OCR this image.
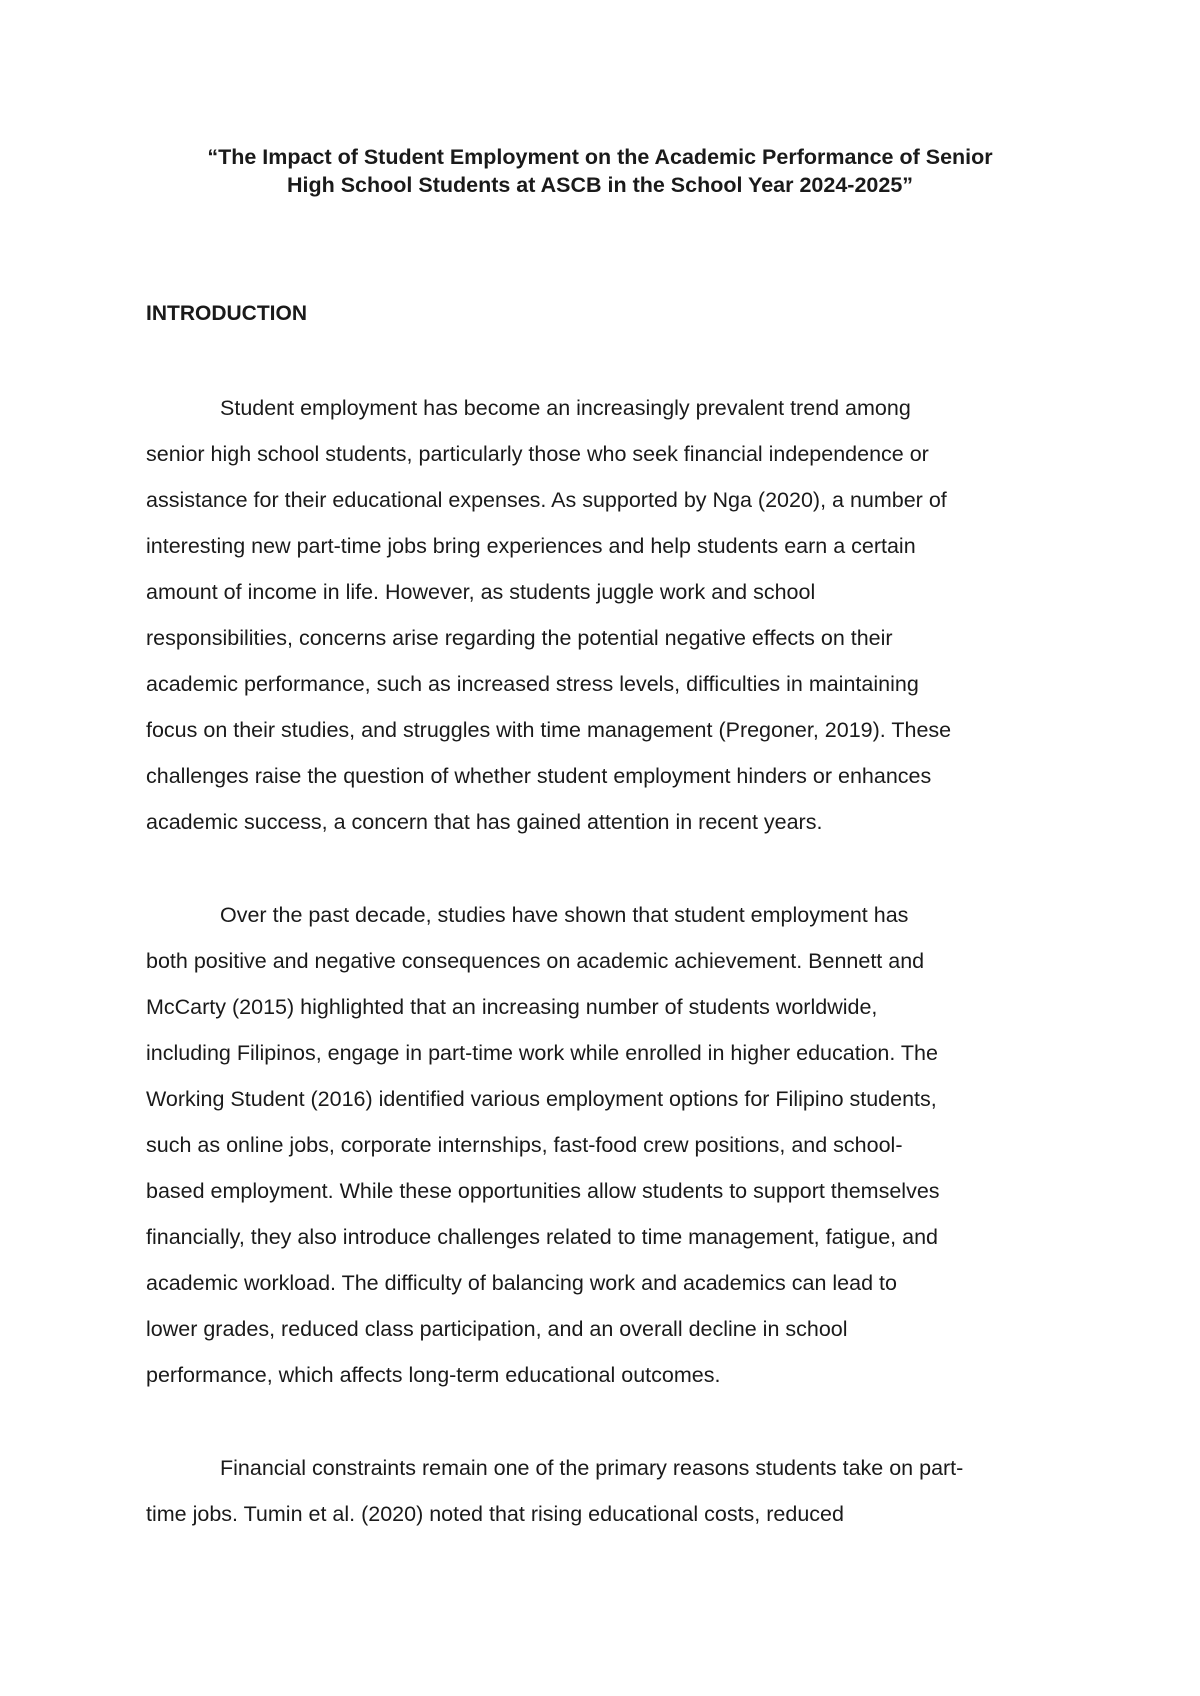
“The Impact of Student Employment on the Academic Performance of Senior
High School Students at ASCB in the School Year 2024-2025”
INTRODUCTION
Student employment has become an increasingly prevalent trend among
senior high school students, particularly those who seek financial independence or
assistance for their educational expenses. As supported by Nga (2020), a number of
interesting new part-time jobs bring experiences and help students earn a certain
amount of income in life. However, as students juggle work and school
responsibilities, concerns arise regarding the potential negative effects on their
academic performance, such as increased stress levels, difficulties in maintaining
focus on their studies, and struggles with time management (Pregoner, 2019). These
challenges raise the question of whether student employment hinders or enhances
academic success, a concern that has gained attention in recent years.
Over the past decade, studies have shown that student employment has
both positive and negative consequences on academic achievement. Bennett and
McCarty (2015) highlighted that an increasing number of students worldwide,
including Filipinos, engage in part-time work while enrolled in higher education. The
Working Student (2016) identified various employment options for Filipino students,
such as online jobs, corporate internships, fast-food crew positions, and school-
based employment. While these opportunities allow students to support themselves
financially, they also introduce challenges related to time management, fatigue, and
academic workload. The difficulty of balancing work and academics can lead to
lower grades, reduced class participation, and an overall decline in school
performance, which affects long-term educational outcomes.
Financial constraints remain one of the primary reasons students take on part-
time jobs. Tumin et al. (2020) noted that rising educational costs, reduced
